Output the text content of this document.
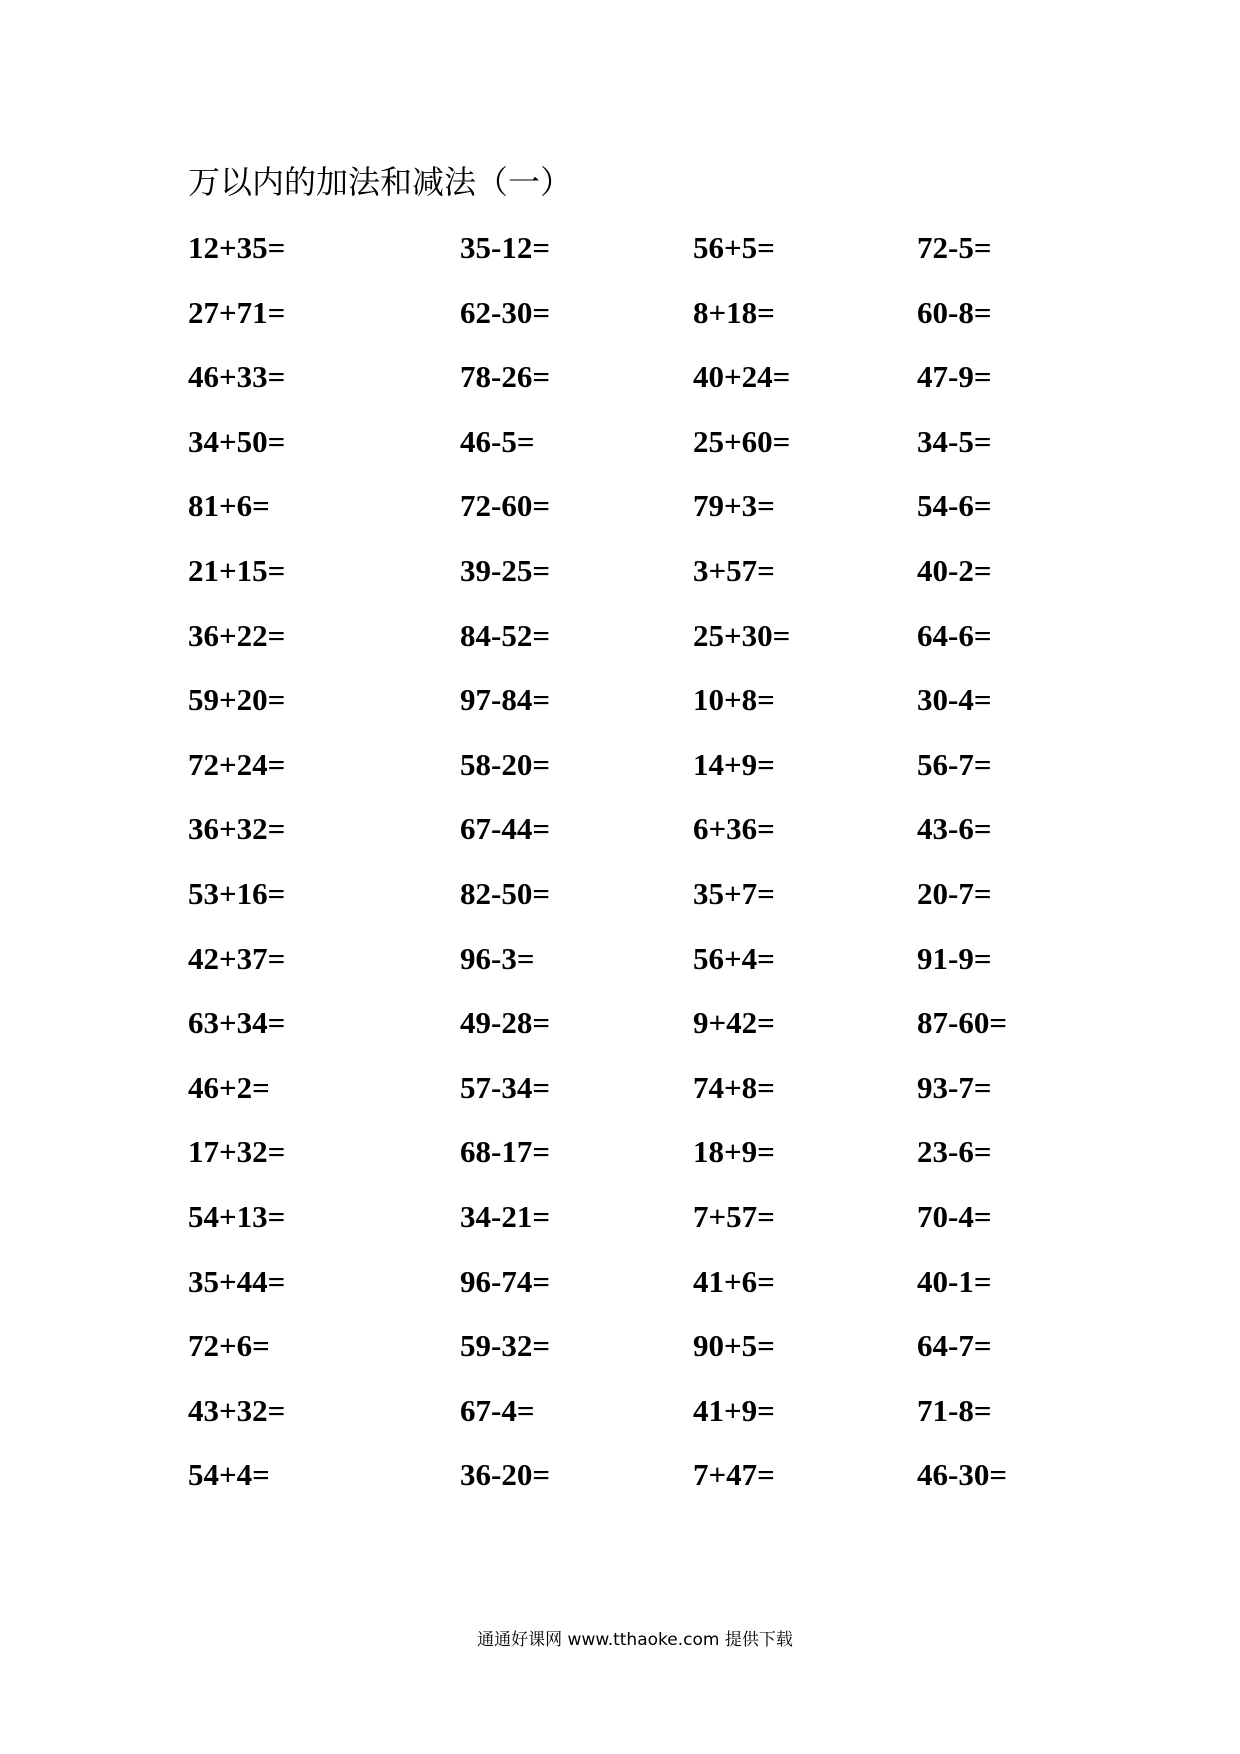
万以内的加法和减法（一）
12+35=	35-12=	56+5=	72-5=
27+71=	62-30=	8+18=	60-8=
46+33=	78-26=	40+24=	47-9=
34+50=	46-5=	25+60=	34-5=
81+6=	72-60=	79+3=	54-6=
21+15=	39-25=	3+57=	40-2=
36+22=	84-52=	25+30=	64-6=
59+20=	97-84=	10+8=	30-4=
72+24=	58-20=	14+9=	56-7=
36+32=	67-44=	6+36=	43-6=
53+16=	82-50=	35+7=	20-7=
42+37=	96-3=	56+4=	91-9=
63+34=	49-28=	9+42=	87-60=
46+2=	57-34=	74+8=	93-7=
17+32=	68-17=	18+9=	23-6=
54+13=	34-21=	7+57=	70-4=
35+44=	96-74=	41+6=	40-1=
72+6=	59-32=	90+5=	64-7=
43+32=	67-4=	41+9=	71-8=
54+4=	36-20=	7+47=	46-30=
通通好课网 www.tthaoke.com 提供下载
